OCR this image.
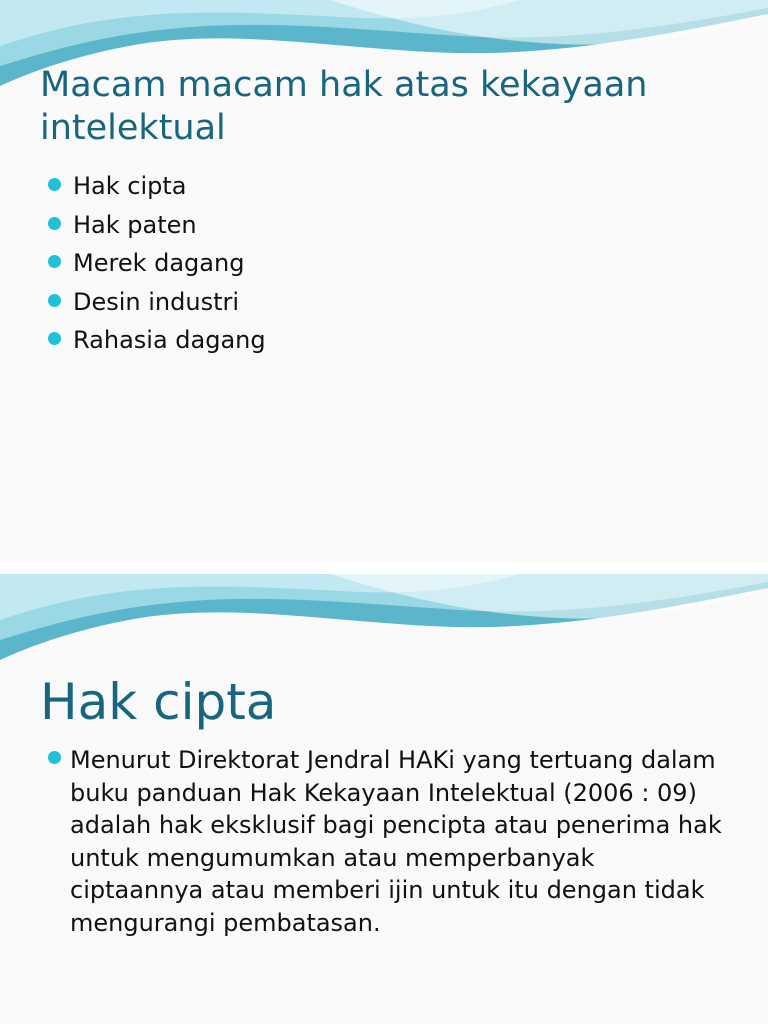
Macam macam hak atas kekayaan intelektual
Hak cipta
Hak paten
Merek dagang
Desin industri
Rahasia dagang
Hak cipta
Menurut Direktorat Jendral HAKi yang tertuang dalam buku panduan Hak Kekayaan Intelektual (2006 : 09) adalah hak eksklusif bagi pencipta atau penerima hak untuk mengumumkan atau memperbanyak ciptaannya atau memberi ijin untuk itu dengan tidak mengurangi pembatasan.
